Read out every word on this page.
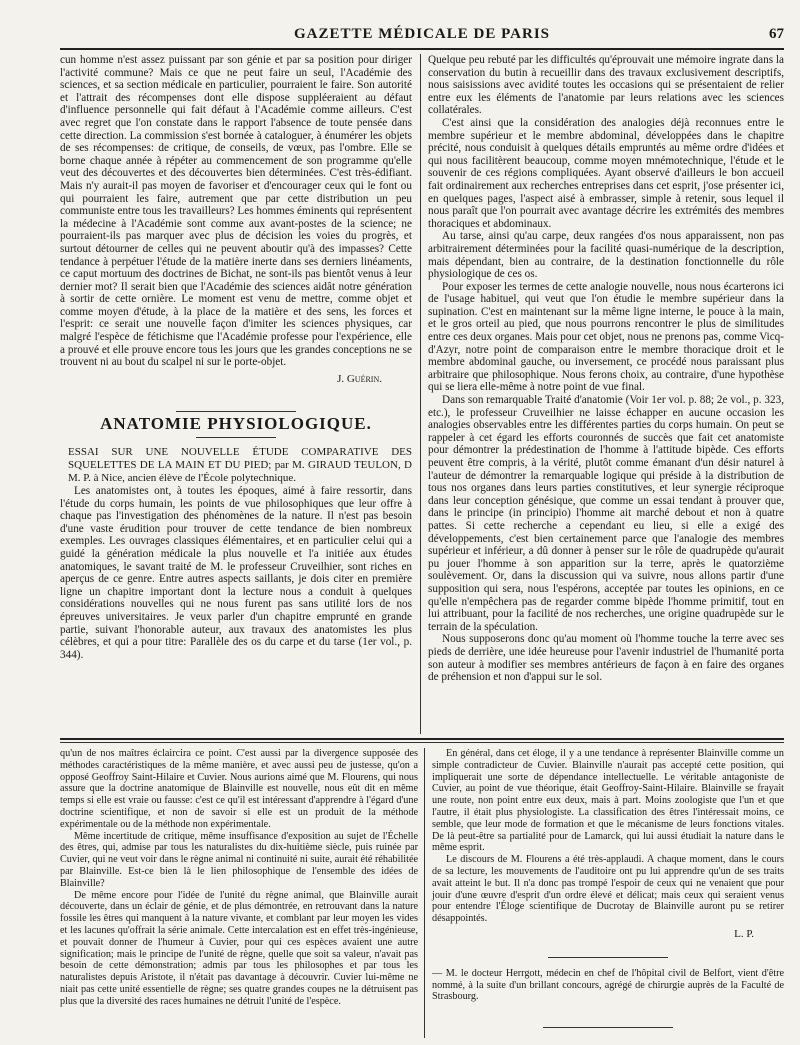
GAZETTE MÉDICALE DE PARIS	67

cun homme n'est assez puissant par son génie et par sa position pour diriger l'activité commune? Mais ce que ne peut faire un seul, l'Académie des sciences, et sa section médicale en particulier, pourraient le faire. Son autorité et l'attrait des récompenses dont elle dispose suppléeraient au défaut d'influence personnelle qui fait défaut à l'Académie comme ailleurs. C'est avec regret que l'on constate dans le rapport l'absence de toute pensée dans cette direction. La commission s'est bornée à cataloguer, à énumérer les objets de ses récompenses: de critique, de conseils, de vœux, pas l'ombre. Elle se borne chaque année à répéter au commencement de son programme qu'elle veut des découvertes et des découvertes bien déterminées. C'est très-édifiant. Mais n'y aurait-il pas moyen de favoriser et d'encourager ceux qui le font ou qui pourraient les faire, autrement que par cette distribution un peu communiste entre tous les travailleurs? Les hommes éminents qui représentent la médecine à l'Académie sont comme aux avant-postes de la science; ne pourraient-ils pas marquer avec plus de décision les voies du progrès, et surtout détourner de celles qui ne peuvent aboutir qu'à des impasses? Cette tendance à perpétuer l'étude de la matière inerte dans ses derniers linéaments, ce caput mortuum des doctrines de Bichat, ne sont-ils pas bientôt venus à leur dernier mot? Il serait bien que l'Académie des sciences aidât notre génération à sortir de cette ornière. Le moment est venu de mettre, comme objet et comme moyen d'étude, à la place de la matière et des sens, les forces et l'esprit: ce serait une nouvelle façon d'imiter les sciences physiques, car malgré l'espèce de fétichisme que l'Académie professe pour l'expérience, elle a prouvé et elle prouve encore tous les jours que les grandes conceptions ne se trouvent ni au bout du scalpel ni sur le porte-objet.

J. Guérin.
ANATOMIE PHYSIOLOGIQUE.

ESSAI SUR UNE NOUVELLE ÉTUDE COMPARATIVE DES SQUELETTES DE LA MAIN ET DU PIED; par M. GIRAUD TEULON, D M. P. à Nice, ancien élève de l'École polytechnique.

Les anatomistes ont, à toutes les époques, aimé à faire ressortir, dans l'étude du corps humain, les points de vue philosophiques que leur offre à chaque pas l'investigation des phénomènes de la nature. Il n'est pas besoin d'une vaste érudition pour trouver de cette tendance de bien nombreux exemples. Les ouvrages classiques élémentaires, et en particulier celui qui a guidé la génération médicale la plus nouvelle et l'a initiée aux études anatomiques, le savant traité de M. le professeur Cruveilhier, sont riches en aperçus de ce genre. Entre autres aspects saillants, je dois citer en première ligne un chapitre important dont la lecture nous a conduit à quelques considérations nouvelles qui ne nous furent pas sans utilité lors de nos épreuves universitaires. Je veux parler d'un chapitre emprunté en grande partie, suivant l'honorable auteur, aux travaux des anatomistes les plus célèbres, et qui a pour titre: Parallèle des os du carpe et du tarse (1er vol., p. 344).

Quelque peu rebuté par les difficultés qu'éprouvait une mémoire ingrate dans la conservation du butin à recueillir dans des travaux exclusivement descriptifs, nous saisissions avec avidité toutes les occasions qui se présentaient de relier entre eux les éléments de l'anatomie par leurs relations avec les sciences collatérales.

C'est ainsi que la considération des analogies déjà reconnues entre le membre supérieur et le membre abdominal, développées dans le chapitre précité, nous conduisit à quelques détails empruntés au même ordre d'idées et qui nous facilitèrent beaucoup, comme moyen mnémotechnique, l'étude et le souvenir de ces régions compliquées. Ayant observé d'ailleurs le bon accueil fait ordinairement aux recherches entreprises dans cet esprit, j'ose présenter ici, en quelques pages, l'aspect aisé à embrasser, simple à retenir, sous lequel il nous paraît que l'on pourrait avec avantage décrire les extrémités des membres thoraciques et abdominaux.

Au tarse, ainsi qu'au carpe, deux rangées d'os nous apparaissent, non pas arbitrairement déterminées pour la facilité quasi-numérique de la description, mais dépendant, bien au contraire, de la destination fonctionnelle du rôle physiologique de ces os.

Pour exposer les termes de cette analogie nouvelle, nous nous écarterons ici de l'usage habituel, qui veut que l'on étudie le membre supérieur dans la supination. C'est en maintenant sur la même ligne interne, le pouce à la main, et le gros orteil au pied, que nous pourrons rencontrer le plus de similitudes entre ces deux organes. Mais pour cet objet, nous ne prenons pas, comme Vicq-d'Azyr, notre point de comparaison entre le membre thoracique droit et le membre abdominal gauche, ou inversement, ce procédé nous paraissant plus arbitraire que philosophique. Nous ferons choix, au contraire, d'une hypothèse qui se liera elle-même à notre point de vue final.

Dans son remarquable Traité d'anatomie (Voir 1er vol. p. 88; 2e vol., p. 323, etc.), le professeur Cruveilhier ne laisse échapper en aucune occasion les analogies observables entre les différentes parties du corps humain. On peut se rappeler à cet égard les efforts couronnés de succès que fait cet anatomiste pour démontrer la prédestination de l'homme à l'attitude bipède. Ces efforts peuvent être compris, à la vérité, plutôt comme émanant d'un désir naturel à l'auteur de démontrer la remarquable logique qui préside à la distribution de tous nos organes dans leurs parties constitutives, et leur synergie réciproque dans leur conception génésique, que comme un essai tendant à prouver que, dans le principe (in principio) l'homme ait marché debout et non à quatre pattes. Si cette recherche a cependant eu lieu, si elle a exigé des développements, c'est bien certainement parce que l'analogie des membres supérieur et inférieur, a dû donner à penser sur le rôle de quadrupède qu'aurait pu jouer l'homme à son apparition sur la terre, après le quatorzième soulèvement. Or, dans la discussion qui va suivre, nous allons partir d'une supposition qui sera, nous l'espérons, acceptée par toutes les opinions, en ce qu'elle n'empêchera pas de regarder comme bipède l'homme primitif, tout en lui attribuant, pour la facilité de nos recherches, une origine quadrupède sur le terrain de la spéculation.

Nous supposerons donc qu'au moment où l'homme touche la terre avec ses pieds de derrière, une idée heureuse pour l'avenir industriel de l'humanité porta son auteur à modifier ses membres antérieurs de façon à en faire des organes de préhension et non d'appui sur le sol.

qu'un de nos maîtres éclaircira ce point. C'est aussi par la divergence supposée des méthodes caractéristiques de la même manière, et avec aussi peu de justesse, qu'on a opposé Geoffroy Saint-Hilaire et Cuvier. Nous aurions aimé que M. Flourens, qui nous assure que la doctrine anatomique de Blainville est nouvelle, nous eût dit en même temps si elle est vraie ou fausse: c'est ce qu'il est intéressant d'apprendre à l'égard d'une doctrine scientifique, et non de savoir si elle est un produit de la méthode expérimentale ou de la méthode non expérimentale.

Même incertitude de critique, même insuffisance d'exposition au sujet de l'Échelle des êtres, qui, admise par tous les naturalistes du dix-huitième siècle, puis ruinée par Cuvier, qui ne veut voir dans le règne animal ni continuité ni suite, aurait été réhabilitée par Blainville. Est-ce bien là le lien philosophique de l'ensemble des idées de Blainville?

De même encore pour l'idée de l'unité du règne animal, que Blainville aurait découverte, dans un éclair de génie, et de plus démontrée, en retrouvant dans la nature fossile les êtres qui manquent à la nature vivante, et comblant par leur moyen les vides et les lacunes qu'offrait la série animale. Cette intercalation est en effet très-ingénieuse, et pouvait donner de l'humeur à Cuvier, pour qui ces espèces avaient une autre signification; mais le principe de l'unité de règne, quelle que soit sa valeur, n'avait pas besoin de cette démonstration; admis par tous les philosophes et par tous les naturalistes depuis Aristote, il n'était pas davantage à découvrir. Cuvier lui-même ne niait pas cette unité essentielle de règne; ses quatre grandes coupes ne la détruisent pas plus que la diversité des races humaines ne détruit l'unité de l'espèce.

En général, dans cet éloge, il y a une tendance à représenter Blainville comme un simple contradicteur de Cuvier. Blainville n'aurait pas accepté cette position, qui impliquerait une sorte de dépendance intellectuelle. Le véritable antagoniste de Cuvier, au point de vue théorique, était Geoffroy-Saint-Hilaire. Blainville se frayait une route, non point entre eux deux, mais à part. Moins zoologiste que l'un et que l'autre, il était plus physiologiste. La classification des êtres l'intéressait moins, ce semble, que leur mode de formation et que le mécanisme de leurs fonctions vitales. De là peut-être sa partialité pour de Lamarck, qui lui aussi étudiait la nature dans le même esprit.

Le discours de M. Flourens a été très-applaudi. A chaque moment, dans le cours de sa lecture, les mouvements de l'auditoire ont pu lui apprendre qu'un de ses traits avait atteint le but. Il n'a donc pas trompé l'espoir de ceux qui ne venaient que pour jouir d'une œuvre d'esprit d'un ordre élevé et délicat; mais ceux qui seraient venus pour entendre l'Éloge scientifique de Ducrotay de Blainville auront pu se retirer désappointés.

L. P.

— M. le docteur Herrgott, médecin en chef de l'hôpital civil de Belfort, vient d'être nommé, à la suite d'un brillant concours, agrégé de chirurgie auprès de la Faculté de Strasbourg.
